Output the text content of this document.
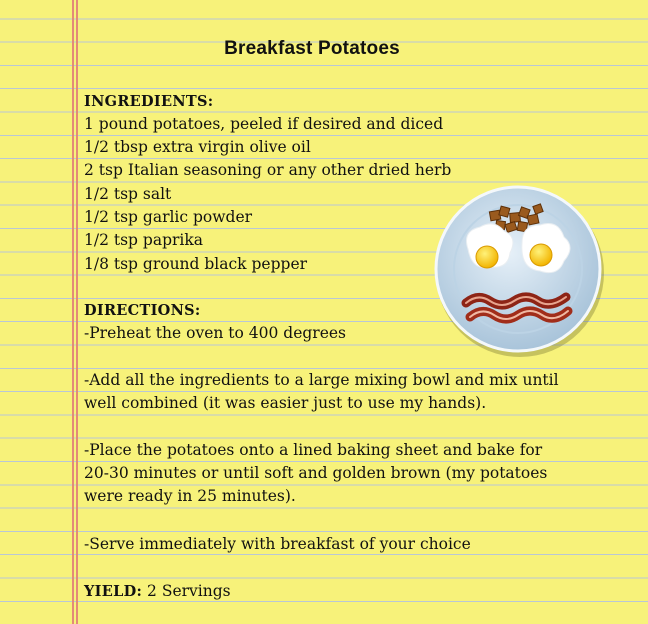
Breakfast Potatoes
INGREDIENTS:
1 pound potatoes, peeled if desired and diced
1/2 tbsp extra virgin olive oil
2 tsp Italian seasoning or any other dried herb
1/2 tsp salt
1/2 tsp garlic powder
1/2 tsp paprika
1/8 tsp ground black pepper
DIRECTIONS:
-Preheat the oven to 400 degrees
-Add all the ingredients to a large mixing bowl and mix until
well combined (it was easier just to use my hands).
-Place the potatoes onto a lined baking sheet and bake for
20-30 minutes or until soft and golden brown (my potatoes
were ready in 25 minutes).
-Serve immediately with breakfast of your choice
YIELD: 2 Servings
